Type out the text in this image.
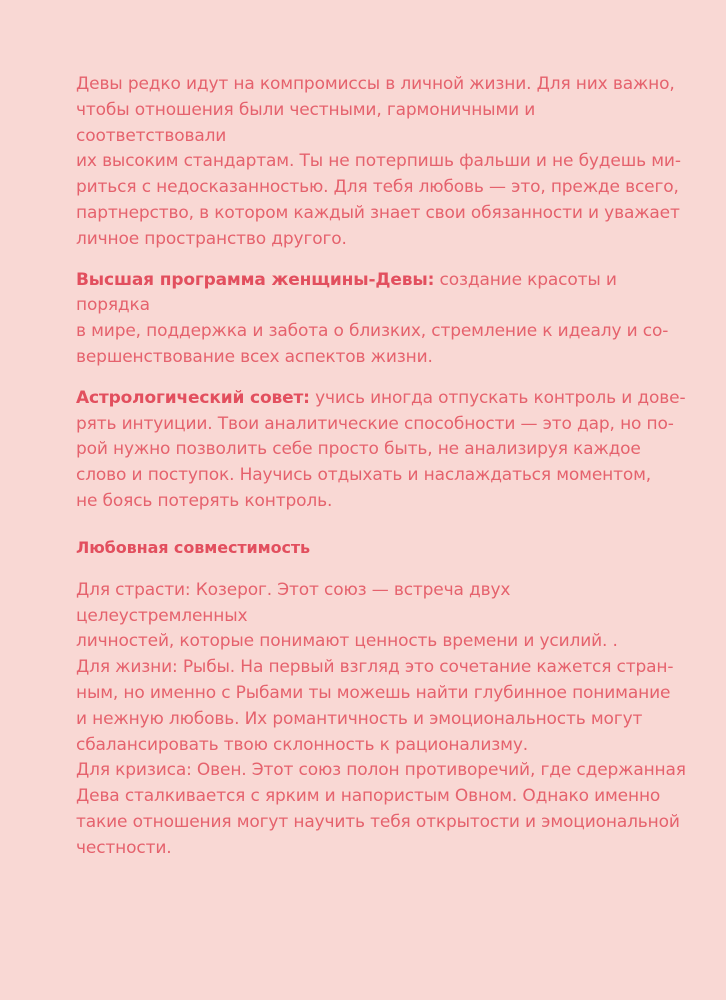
Девы редко идут на компромиссы в личной жизни. Для них важно,

чтобы отношения были честными, гармоничными и соответствовали

их высоким стандартам. Ты не потерпишь фальши и не будешь ми-

риться с недосказанностью. Для тебя любовь — это, прежде всего,

партнерство, в котором каждый знает свои обязанности и уважает

личное пространство другого.

Высшая программа женщины-Девы: создание красоты и порядка

в мире, поддержка и забота о близких, стремление к идеалу и со-

вершенствование всех аспектов жизни.

Астрологический совет: учись иногда отпускать контроль и дове-

рять интуиции. Твои аналитические способности — это дар, но по-

рой нужно позволить себе просто быть, не анализируя каждое

слово и поступок. Научись отдыхать и наслаждаться моментом,

не боясь потерять контроль.

Любовная совместимость

Для страсти: Козерог. Этот союз — встреча двух целеустремленных

личностей, которые понимают ценность времени и усилий. .

Для жизни: Рыбы. На первый взгляд это сочетание кажется стран-

ным, но именно с Рыбами ты можешь найти глубинное понимание

и нежную любовь. Их романтичность и эмоциональность могут

сбалансировать твою склонность к рационализму.

Для кризиса: Овен. Этот союз полон противоречий, где сдержанная

Дева сталкивается с ярким и напористым Овном. Однако именно

такие отношения могут научить тебя открытости и эмоциональной

честности.
